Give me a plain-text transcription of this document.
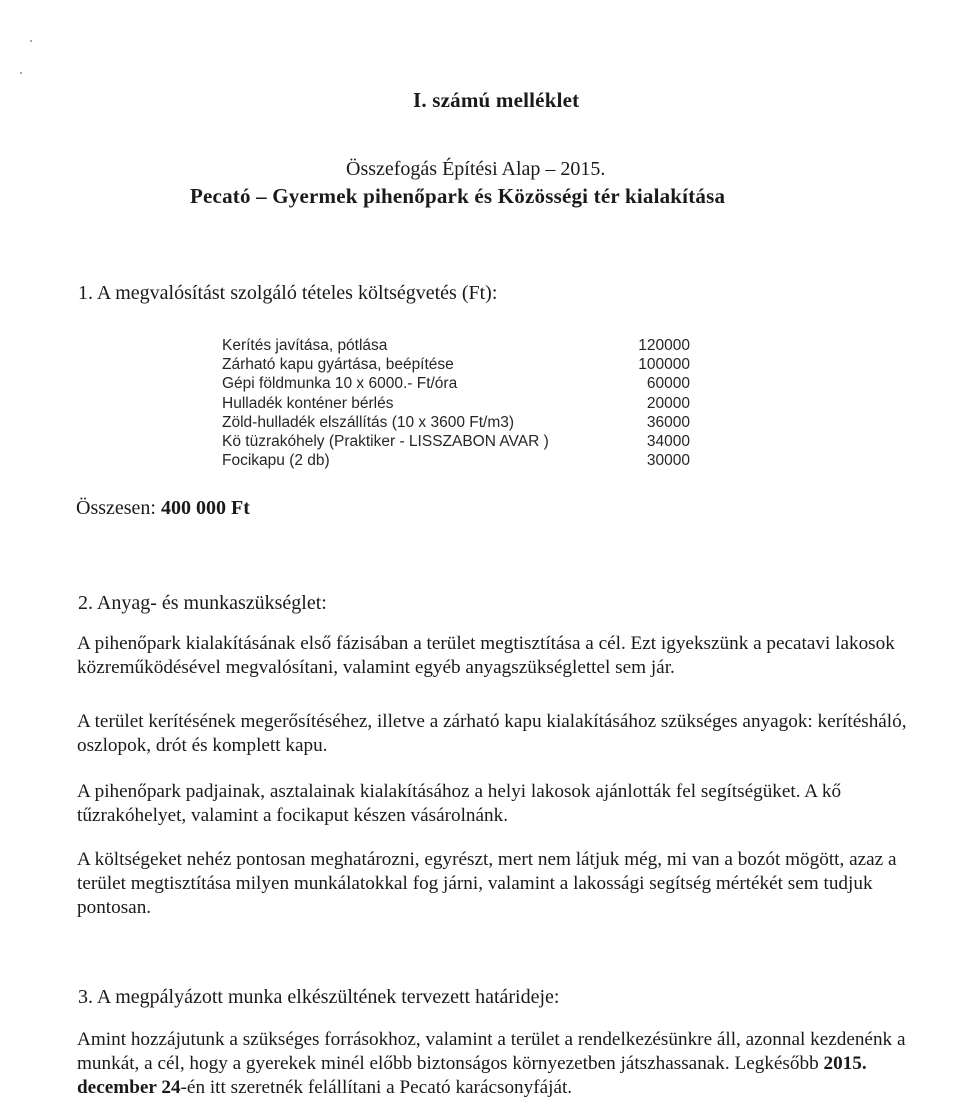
I. számú melléklet
Összefogás Építési Alap – 2015.
Pecató – Gyermek pihenőpark és Közösségi tér kialakítása
1. A megvalósítást szolgáló tételes költségvetés (Ft):
Kerítés javítása, pótlása	120000
Zárható kapu gyártása, beépítése	100000
Gépi földmunka 10 x 6000.- Ft/óra	60000
Hulladék konténer bérlés	20000
Zöld-hulladék elszállítás (10 x 3600 Ft/m3)	36000
Kö tüzrakóhely (Praktiker - LISSZABON AVAR )	34000
Focikapu (2 db)	30000
Összesen: 400 000 Ft
2. Anyag- és munkaszükséglet:
A pihenőpark kialakításának első fázisában a terület megtisztítása a cél. Ezt igyekszünk a pecatavi lakosok közreműködésével megvalósítani, valamint egyéb anyagszükséglettel sem jár.
A terület kerítésének megerősítéséhez, illetve a zárható kapu kialakításához szükséges anyagok: kerítésháló, oszlopok, drót és komplett kapu.
A pihenőpark padjainak, asztalainak kialakításához a helyi lakosok ajánlották fel segítségüket. A kő tűzrakóhelyet, valamint a focikaput készen vásárolnánk.
A költségeket nehéz pontosan meghatározni, egyrészt, mert nem látjuk még, mi van a bozót mögött, azaz a terület megtisztítása milyen munkálatokkal fog járni, valamint a lakossági segítség mértékét sem tudjuk pontosan.
3. A megpályázott munka elkészültének tervezett határideje:
Amint hozzájutunk a szükséges forrásokhoz, valamint a terület a rendelkezésünkre áll, azonnal kezdenénk a munkát, a cél, hogy a gyerekek minél előbb biztonságos környezetben játszhassanak. Legkésőbb 2015. december 24-én itt szeretnék felállítani a Pecató karácsonyfáját.
